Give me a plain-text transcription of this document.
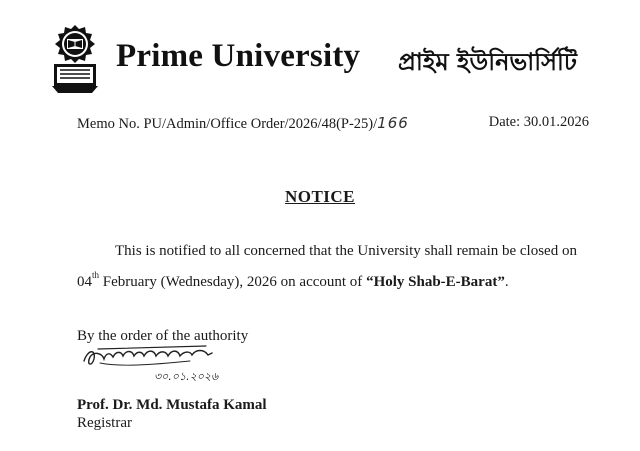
Prime University প্রাইম ইউনিভার্সিটি
Memo No. PU/Admin/Office Order/2026/48(P-25)/166	Date: 30.01.2026
NOTICE
This is notified to all concerned that the University shall remain be closed on
04th February (Wednesday), 2026 on account of “Holy Shab-E-Barat”.
By the order of the authority
৩০.০১.২০২৬
Prof. Dr. Md. Mustafa Kamal
Registrar
